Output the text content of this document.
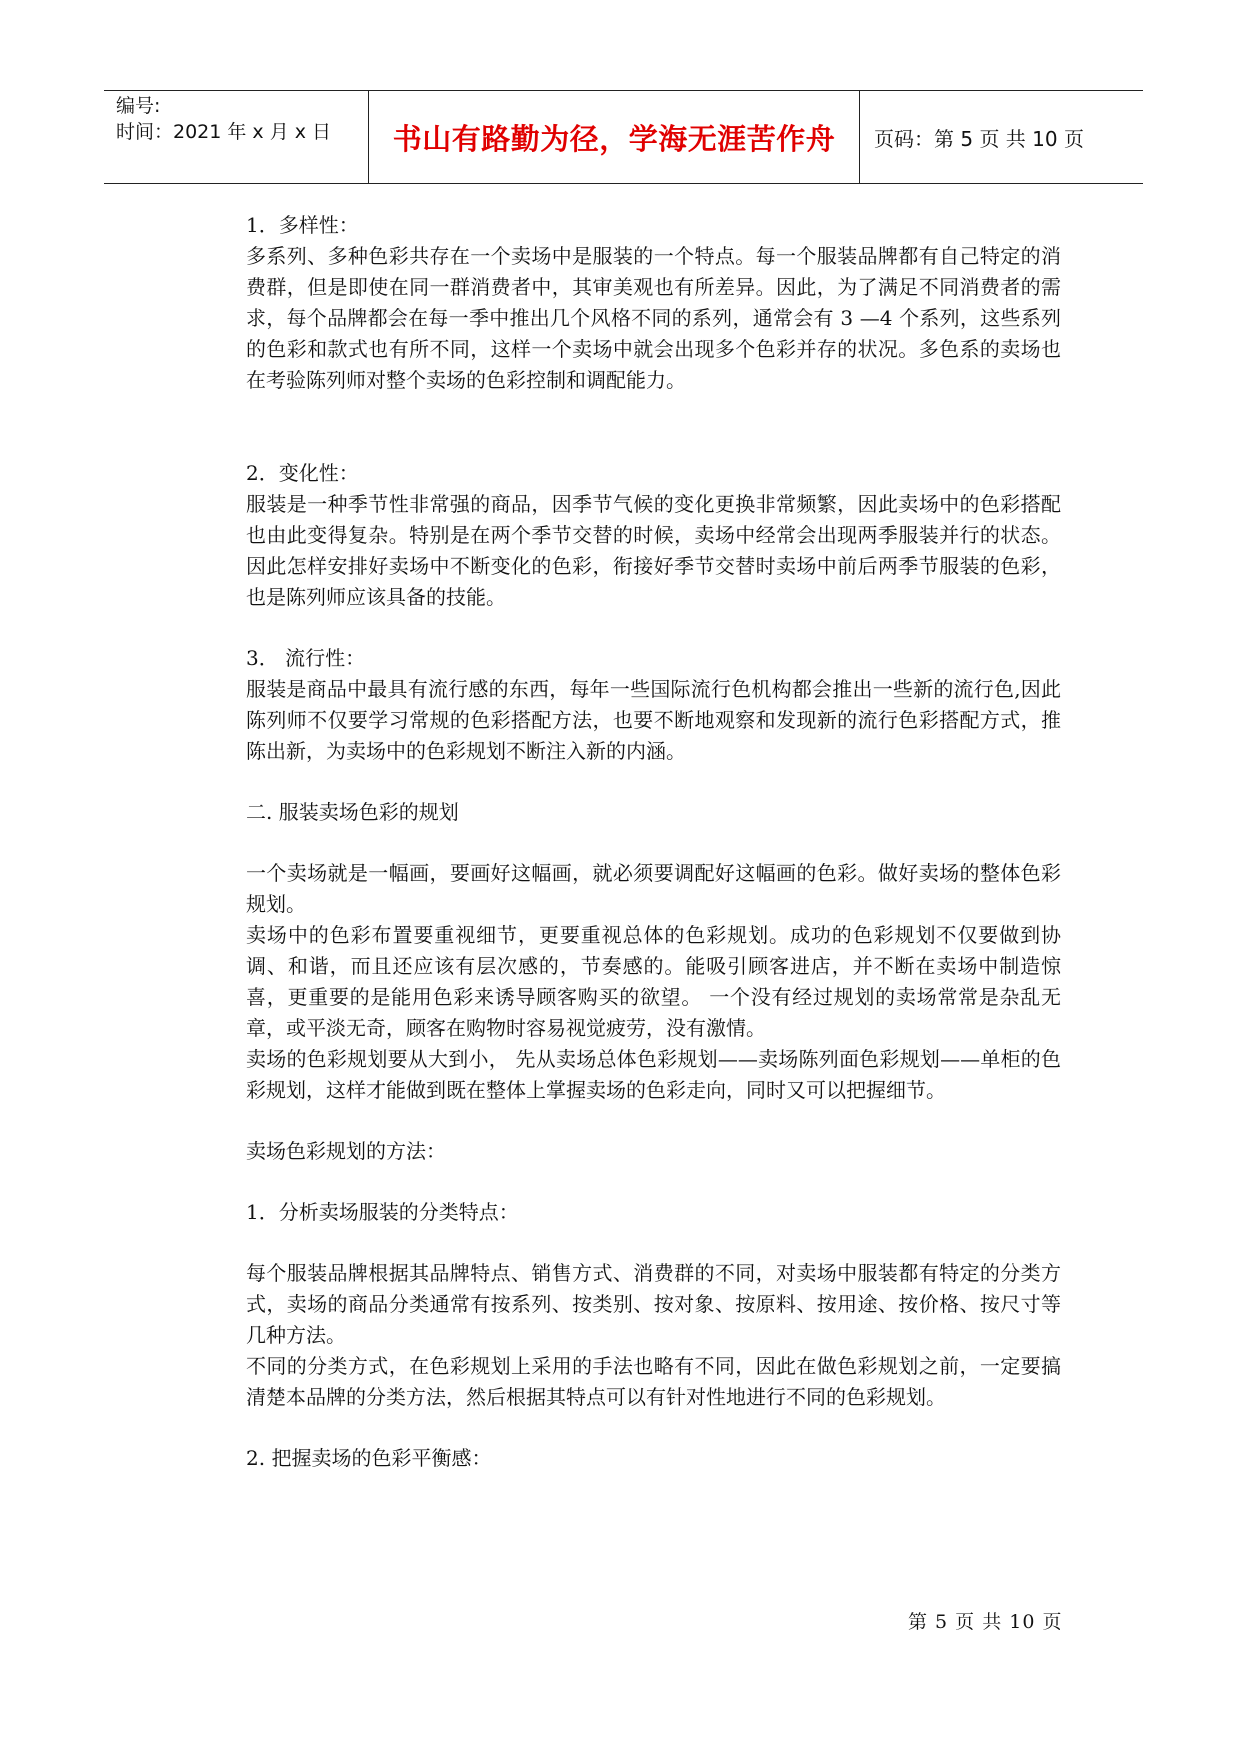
编号:
时间：2021 年 x 月 x 日	书山有路勤为径，学海无涯苦作舟	页码：第 5 页 共 10 页

1．多样性：

多系列、多种色彩共存在一个卖场中是服装的一个特点。每一个服装品牌都有自己特定的消费群，但是即使在同一群消费者中，其审美观也有所差异。因此，为了满足不同消费者的需求，每个品牌都会在每一季中推出几个风格不同的系列，通常会有 3 —4 个系列，这些系列的色彩和款式也有所不同，这样一个卖场中就会出现多个色彩并存的状况。多色系的卖场也在考验陈列师对整个卖场的色彩控制和调配能力。

2．变化性：

服装是一种季节性非常强的商品，因季节气候的变化更换非常频繁，因此卖场中的色彩搭配也由此变得复杂。特别是在两个季节交替的时候，卖场中经常会出现两季服装并行的状态。因此怎样安排好卖场中不断变化的色彩，衔接好季节交替时卖场中前后两季节服装的色彩，也是陈列师应该具备的技能。

3． 流行性：

服装是商品中最具有流行感的东西，每年一些国际流行色机构都会推出一些新的流行色,因此陈列师不仅要学习常规的色彩搭配方法，也要不断地观察和发现新的流行色彩搭配方式，推陈出新，为卖场中的色彩规划不断注入新的内涵。

二. 服装卖场色彩的规划

一个卖场就是一幅画，要画好这幅画，就必须要调配好这幅画的色彩。做好卖场的整体色彩规划。

卖场中的色彩布置要重视细节，更要重视总体的色彩规划。成功的色彩规划不仅要做到协调、和谐，而且还应该有层次感的，节奏感的。能吸引顾客进店，并不断在卖场中制造惊喜，更重要的是能用色彩来诱导顾客购买的欲望。 一个没有经过规划的卖场常常是杂乱无章，或平淡无奇，顾客在购物时容易视觉疲劳，没有激情。

卖场的色彩规划要从大到小， 先从卖场总体色彩规划——卖场陈列面色彩规划——单柜的色彩规划，这样才能做到既在整体上掌握卖场的色彩走向，同时又可以把握细节。

卖场色彩规划的方法：

1．分析卖场服装的分类特点：

每个服装品牌根据其品牌特点、销售方式、消费群的不同，对卖场中服装都有特定的分类方式，卖场的商品分类通常有按系列、按类别、按对象、按原料、按用途、按价格、按尺寸等几种方法。

不同的分类方式，在色彩规划上采用的手法也略有不同，因此在做色彩规划之前，一定要搞清楚本品牌的分类方法，然后根据其特点可以有针对性地进行不同的色彩规划。

2. 把握卖场的色彩平衡感：

第 5 页 共 10 页
